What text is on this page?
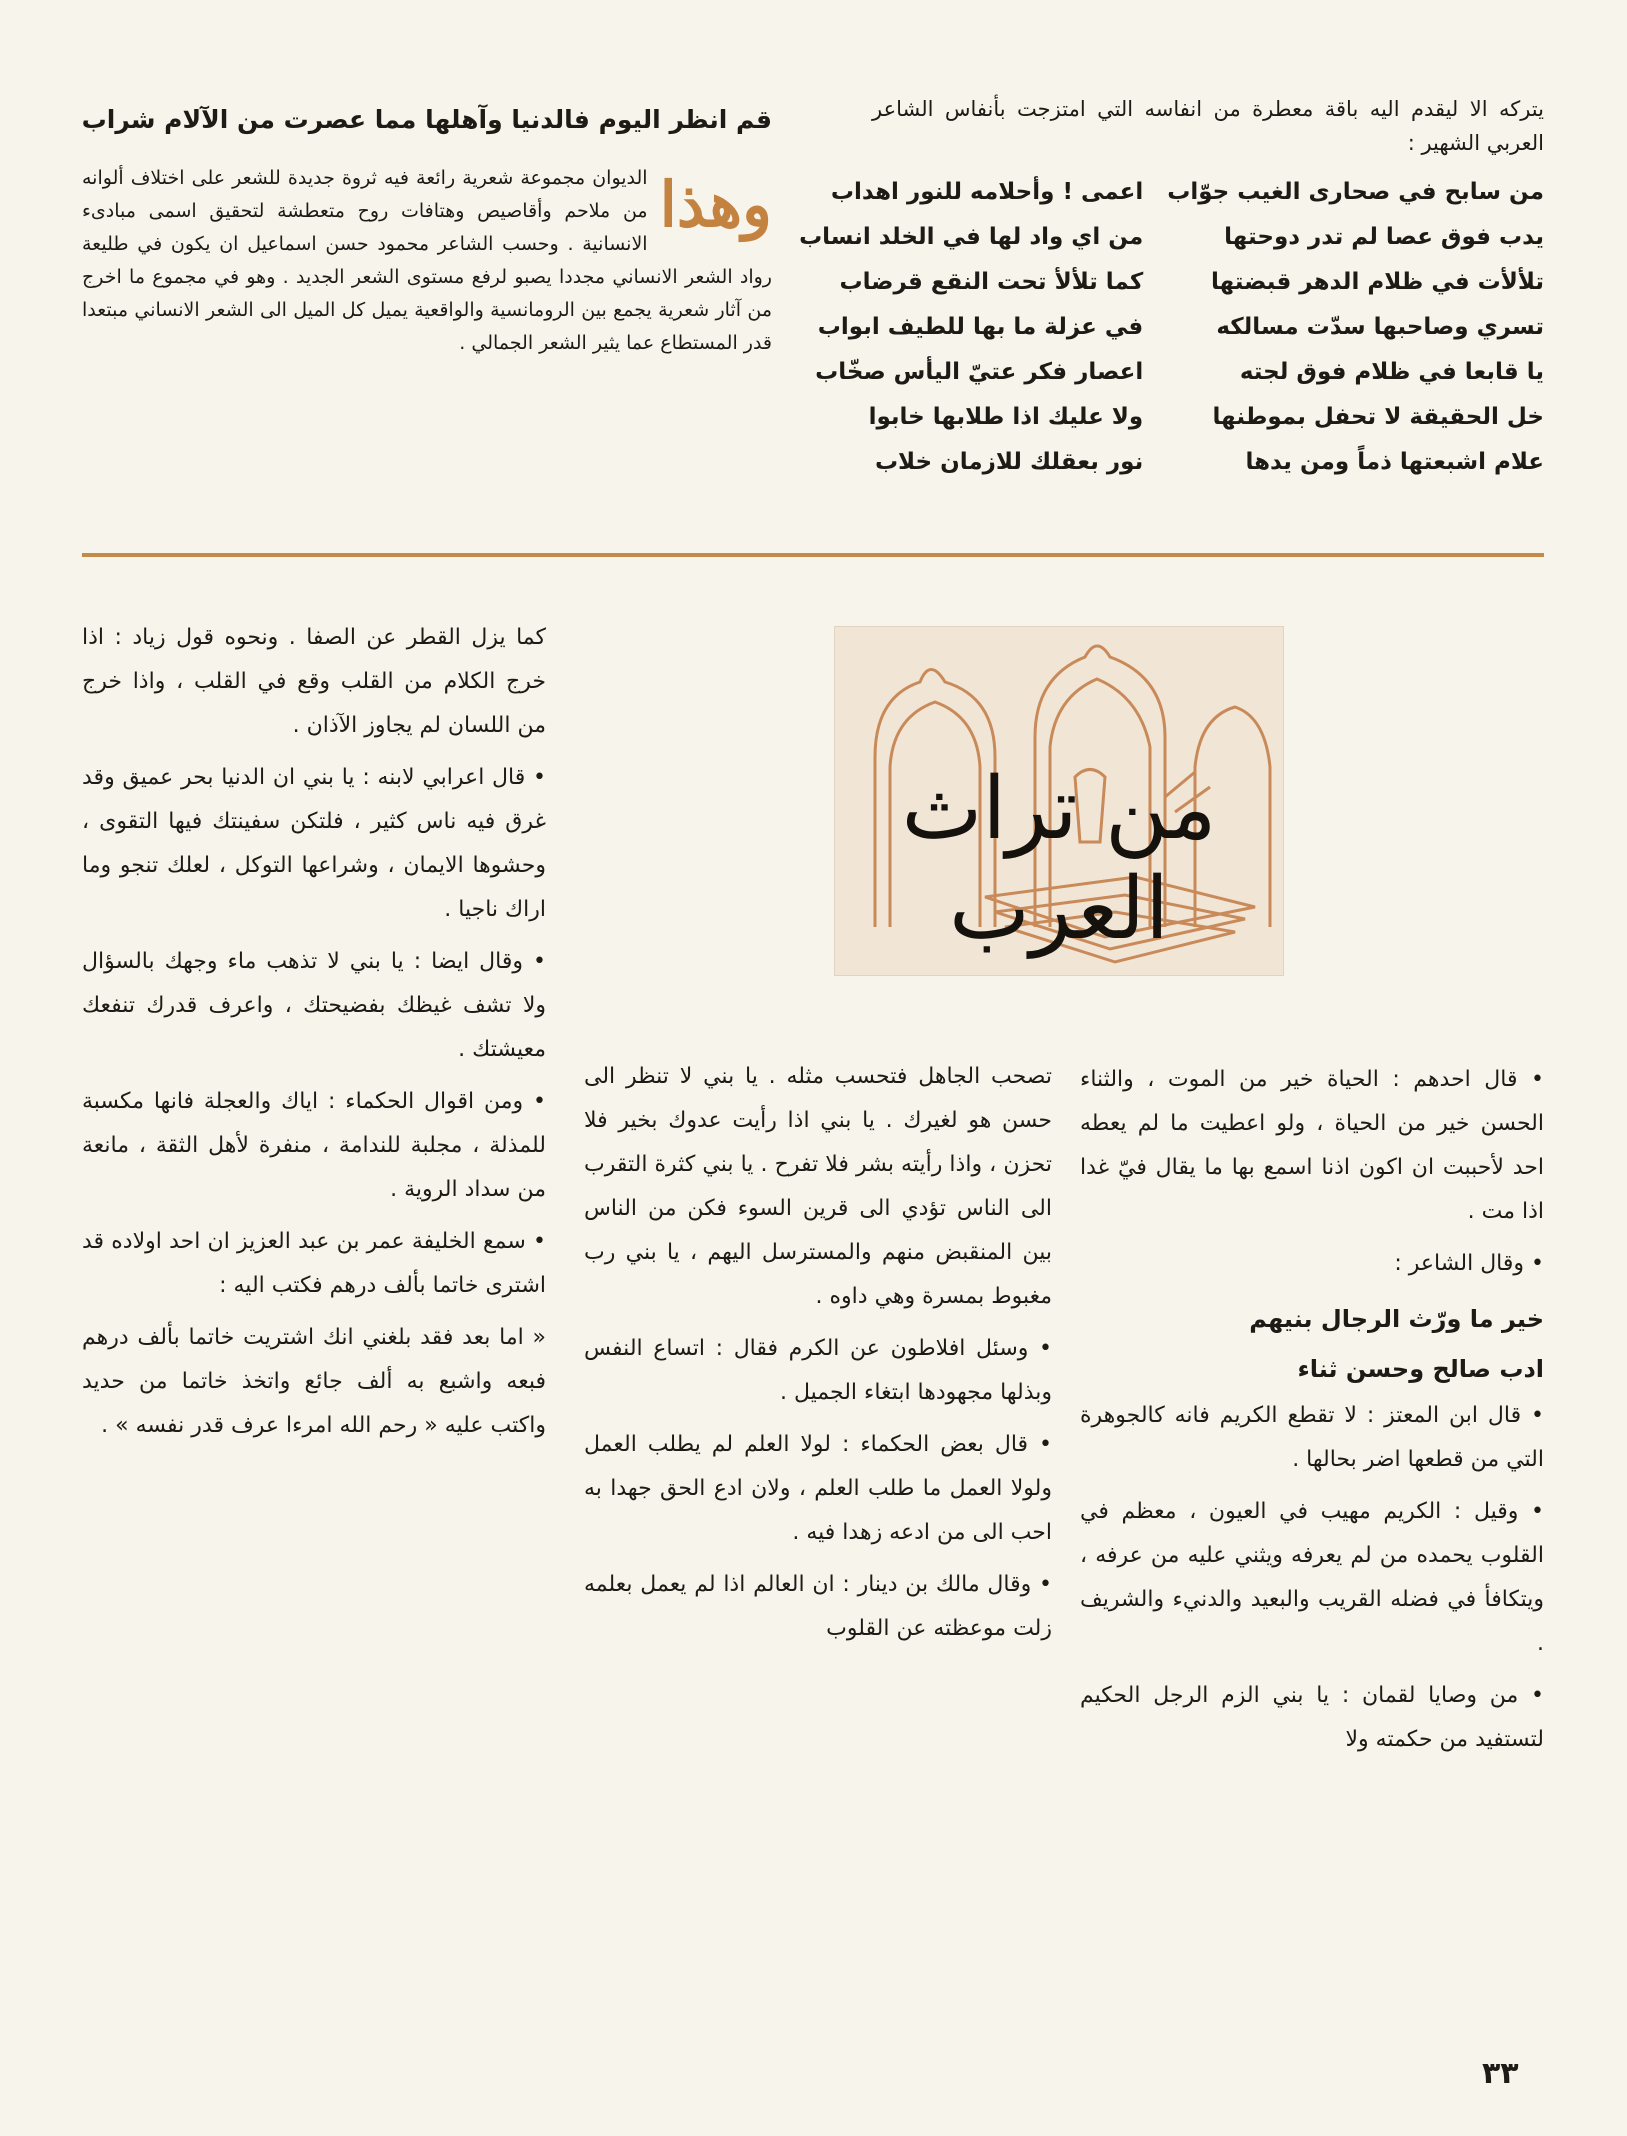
يتركه الا ليقدم اليه باقة معطرة من انفاسه التي امتزجت بأنفاس الشاعر العربي الشهير :
من سابح في صحارى الغيب جوّاب
اعمى ! وأحلامه للنور اهداب
يدب فوق عصا لم تدر دوحتها
من اي واد لها في الخلد انساب
تلألأت في ظلام الدهر قبضتها
كما تلألأ تحت النقع قرضاب
تسري وصاحبها سدّت مسالكه
في عزلة ما بها للطيف ابواب
يا قابعا في ظلام فوق لجته
اعصار فكر عتيّ اليأس صخّاب
خل الحقيقة لا تحفل بموطنها
ولا عليك اذا طلابها خابوا
علام اشبعتها ذماً ومن يدها
نور بعقلك للازمان خلاب
قم انظر اليوم فالدنيا وآهلها مما عصرت من الآلام شراب
وهذا
الديوان مجموعة شعرية رائعة فيه ثروة جديدة للشعر على اختلاف ألوانه من ملاحم وأقاصيص وهتافات روح متعطشة لتحقيق اسمى مبادىء الانسانية . وحسب الشاعر محمود حسن اسماعيل ان يكون في طليعة رواد الشعر الانساني مجددا يصبو لرفع مستوى الشعر الجديد . وهو في مجموع ما اخرج من آثار شعرية يجمع بين الرومانسية والواقعية يميل كل الميل الى الشعر الانساني مبتعدا قدر المستطاع عما يثير الشعر الجمالي .
من تراث العرب

• قال احدهم : الحياة خير من الموت ، والثناء الحسن خير من الحياة ، ولو اعطيت ما لم يعطه احد لأحببت ان اكون اذنا اسمع بها ما يقال فيّ غدا اذا مت .

• وقال الشاعر :

خير ما ورّث الرجال بنيهم
ادب صالح وحسن ثناء

• قال ابن المعتز : لا تقطع الكريم فانه كالجوهرة التي من قطعها اضر بحالها .

• وقيل : الكريم مهيب في العيون ، معظم في القلوب يحمده من لم يعرفه ويثني عليه من عرفه ، ويتكافأ في فضله القريب والبعيد والدنيء والشريف .

• من وصايا لقمان : يا بني الزم الرجل الحكيم لتستفيد من حكمته ولا

تصحب الجاهل فتحسب مثله . يا بني لا تنظر الى حسن هو لغيرك . يا بني اذا رأيت عدوك بخير فلا تحزن ، واذا رأيته بشر فلا تفرح . يا بني كثرة التقرب الى الناس تؤدي الى قرين السوء فكن من الناس بين المنقبض منهم والمسترسل اليهم ، يا بني رب مغبوط بمسرة وهي داوه .

• وسئل افلاطون عن الكرم فقال : اتساع النفس وبذلها مجهودها ابتغاء الجميل .

• قال بعض الحكماء : لولا العلم لم يطلب العمل ولولا العمل ما طلب العلم ، ولان ادع الحق جهدا به احب الى من ادعه زهدا فيه .

• وقال مالك بن دينار : ان العالم اذا لم يعمل بعلمه زلت موعظته عن القلوب

كما يزل القطر عن الصفا . ونحوه قول زياد : اذا خرج الكلام من القلب وقع في القلب ، واذا خرج من اللسان لم يجاوز الآذان .

• قال اعرابي لابنه : يا بني ان الدنيا بحر عميق وقد غرق فيه ناس كثير ، فلتكن سفينتك فيها التقوى ، وحشوها الايمان ، وشراعها التوكل ، لعلك تنجو وما اراك ناجيا .

• وقال ايضا : يا بني لا تذهب ماء وجهك بالسؤال ولا تشف غيظك بفضيحتك ، واعرف قدرك تنفعك معيشتك .

• ومن اقوال الحكماء : اياك والعجلة فانها مكسبة للمذلة ، مجلبة للندامة ، منفرة لأهل الثقة ، مانعة من سداد الروية .

• سمع الخليفة عمر بن عبد العزيز ان احد اولاده قد اشترى خاتما بألف درهم فكتب اليه :

« اما بعد فقد بلغني انك اشتريت خاتما بألف درهم فبعه واشبع به ألف جائع واتخذ خاتما من حديد واكتب عليه « رحم الله امرءا عرف قدر نفسه » .

٣٣
